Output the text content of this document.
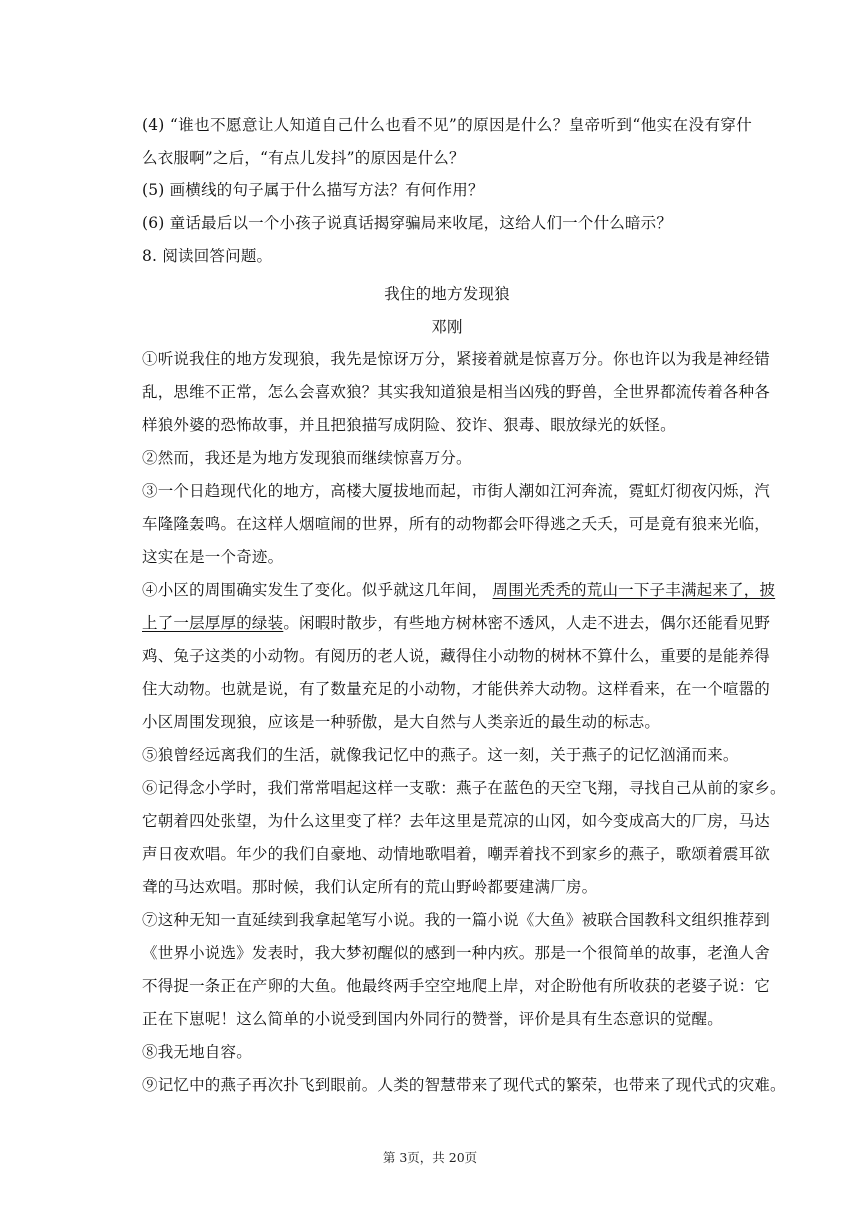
(4) “谁也不愿意让人知道自己什么也看不见”的原因是什么？皇帝听到“他实在没有穿什
么衣服啊”之后，“有点儿发抖”的原因是什么？
(5) 画横线的句子属于什么描写方法？有何作用？
(6) 童话最后以一个小孩子说真话揭穿骗局来收尾，这给人们一个什么暗示？
8. 阅读回答问题。
我住的地方发现狼
邓刚
①听说我住的地方发现狼，我先是惊讶万分，紧接着就是惊喜万分。你也许以为我是神经错
乱，思维不正常，怎么会喜欢狼？其实我知道狼是相当凶残的野兽，全世界都流传着各种各
样狼外婆的恐怖故事，并且把狼描写成阴险、狡诈、狠毒、眼放绿光的妖怪。
②然而，我还是为地方发现狼而继续惊喜万分。
③一个日趋现代化的地方，高楼大厦拔地而起，市街人潮如江河奔流，霓虹灯彻夜闪烁，汽
车隆隆轰鸣。在这样人烟喧闹的世界，所有的动物都会吓得逃之夭夭，可是竟有狼来光临，
这实在是一个奇迹。
④小区的周围确实发生了变化。似乎就这几年间， 周围光秃秃的荒山一下子丰满起来了，披
上了一层厚厚的绿装。闲暇时散步，有些地方树林密不透风，人走不进去，偶尔还能看见野
鸡、兔子这类的小动物。有阅历的老人说，藏得住小动物的树林不算什么，重要的是能养得
住大动物。也就是说，有了数量充足的小动物，才能供养大动物。这样看来，在一个喧嚣的
小区周围发现狼，应该是一种骄傲，是大自然与人类亲近的最生动的标志。
⑤狼曾经远离我们的生活，就像我记忆中的燕子。这一刻，关于燕子的记忆汹涌而来。
⑥记得念小学时，我们常常唱起这样一支歌：燕子在蓝色的天空飞翔，寻找自己从前的家乡。
它朝着四处张望，为什么这里变了样？去年这里是荒凉的山冈，如今变成高大的厂房，马达
声日夜欢唱。年少的我们自豪地、动情地歌唱着，嘲弄着找不到家乡的燕子，歌颂着震耳欲
聋的马达欢唱。那时候，我们认定所有的荒山野岭都要建满厂房。
⑦这种无知一直延续到我拿起笔写小说。我的一篇小说《大鱼》被联合国教科文组织推荐到
《世界小说选》发表时，我大梦初醒似的感到一种内疚。那是一个很简单的故事，老渔人舍
不得捉一条正在产卵的大鱼。他最终两手空空地爬上岸，对企盼他有所收获的老婆子说：它
正在下崽呢！这么简单的小说受到国内外同行的赞誉，评价是具有生态意识的觉醒。
⑧我无地自容。
⑨记忆中的燕子再次扑飞到眼前。人类的智慧带来了现代式的繁荣，也带来了现代式的灾难。
第 3页，共 20页
